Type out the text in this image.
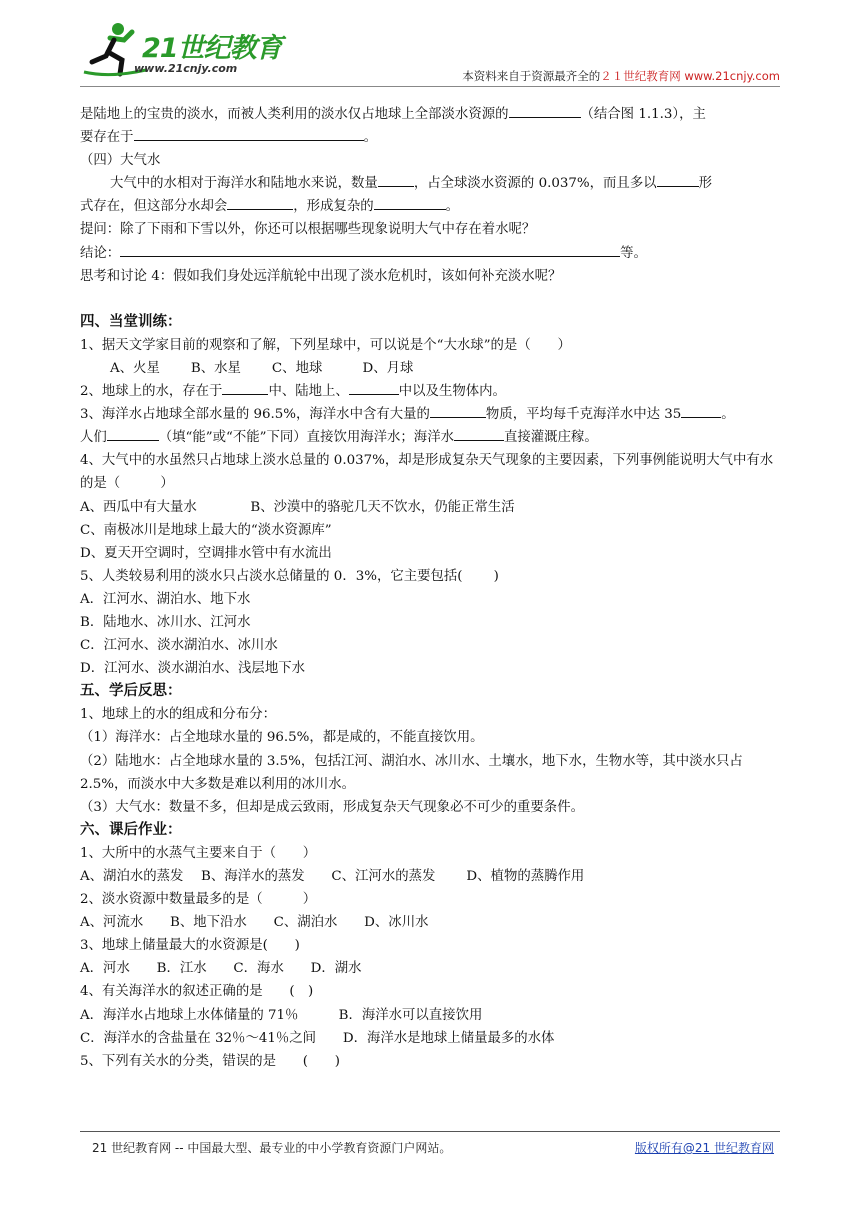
21世纪教育
www.21cnjy.com
本资料来自于资源最齐全的２１世纪教育网 www.21cnjy.com
是陆地上的宝贵的淡水，而被人类利用的淡水仅占地球上全部淡水资源的	（结合图 1.1.3），主
要存在于	。
（四）大气水
大气中的水相对于海洋水和陆地水来说，数量	，占全球淡水资源的 0.037%，而且多以	形
式存在，但这部分水却会	，形成复杂的	。
提问：除了下雨和下雪以外，你还可以根据哪些现象说明大气中存在着水呢？
结论：	等。
思考和讨论 4：假如我们身处远洋航轮中出现了淡水危机时，该如何补充淡水呢？
四、当堂训练：
1、据天文学家目前的观察和了解，下列星球中，可以说是个“大水球”的是（　　）
A、火星　　 B、水星　　 C、地球　　　D、月球
2、地球上的水，存在于	中、陆地上、	中以及生物体内。
3、海洋水占地球全部水量的 96.5%，海洋水中含有大量的	物质，平均每千克海洋水中达 35	。
人们	（填“能”或“不能”下同）直接饮用海洋水；海洋水	直接灌溉庄稼。
4、大气中的水虽然只占地球上淡水总量的 0.037%，却是形成复杂天气现象的主要因素，下列事例能说明大气中有水的是（　　　）
A、西瓜中有大量水　　　　B、沙漠中的骆驼几天不饮水，仍能正常生活
C、南极冰川是地球上最大的“淡水资源库”
D、夏天开空调时，空调排水管中有水流出
5、人类较易利用的淡水只占淡水总储量的 0．3%，它主要包括(　　 )
A．江河水、湖泊水、地下水
B．陆地水、冰川水、江河水
C．江河水、淡水湖泊水、冰川水
D．江河水、淡水湖泊水、浅层地下水
五、学后反思：
1、地球上的水的组成和分布分：
（1）海洋水：占全地球水量的 96.5%，都是咸的，不能直接饮用。
（2）陆地水：占全地球水量的 3.5%，包括江河、湖泊水、冰川水、土壤水，地下水，生物水等，其中淡水只占 2.5%，而淡水中大多数是难以利用的冰川水。
（3）大气水：数量不多，但却是成云致雨，形成复杂天气现象必不可少的重要条件。
六、课后作业：
1、大所中的水蒸气主要来自于（　　）
A、湖泊水的蒸发　 B、海洋水的蒸发　　C、江河水的蒸发　　 D、植物的蒸腾作用
2、淡水资源中数量最多的是（　　　）
A、河流水　　B、地下沿水　　C、湖泊水　　D、冰川水
3、地球上储量最大的水资源是(　　)
A．河水　　B．江水　　C．海水　　D．湖水
4、有关海洋水的叙述正确的是　　(　)
A．海洋水占地球上水体储量的 71％　　　B．海洋水可以直接饮用
C．海洋水的含盐量在 32％～41％之间　　D．海洋水是地球上储量最多的水体
5、下列有关水的分类，错误的是　　(　　)
21 世纪教育网 -- 中国最大型、最专业的中小学教育资源门户网站。	版权所有@21 世纪教育网
